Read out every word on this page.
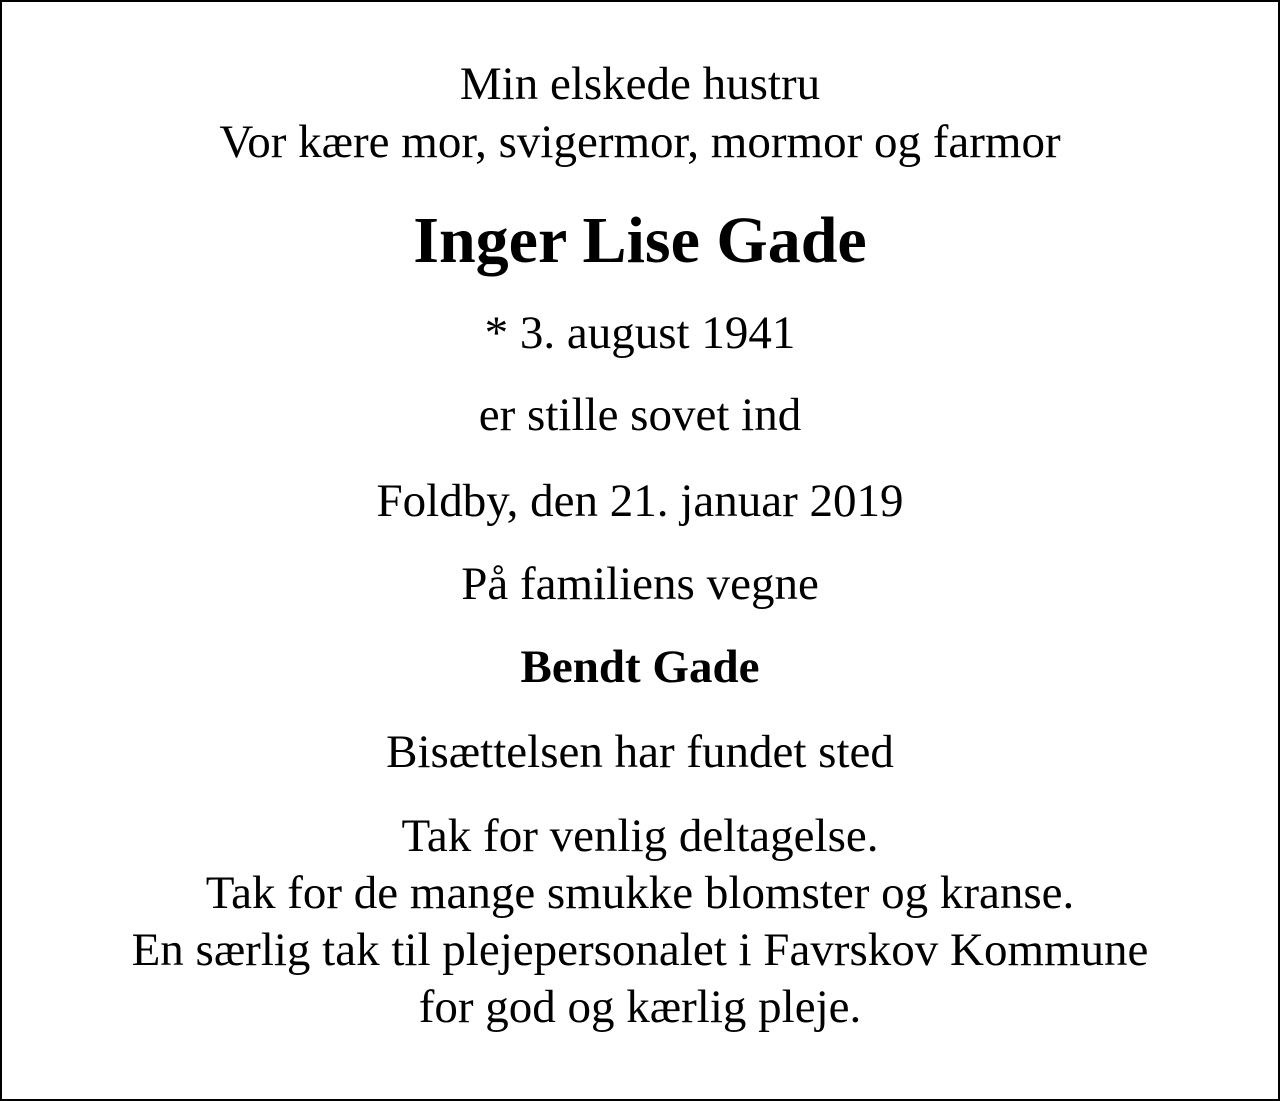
Min elskede hustru

Vor kære mor, svigermor, mormor og farmor

Inger Lise Gade

* 3. august 1941

er stille sovet ind

Foldby, den 21. januar 2019

På familiens vegne

Bendt Gade

Bisættelsen har fundet sted

Tak for venlig deltagelse.

Tak for de mange smukke blomster og kranse.

En særlig tak til plejepersonalet i Favrskov Kommune

for god og kærlig pleje.
